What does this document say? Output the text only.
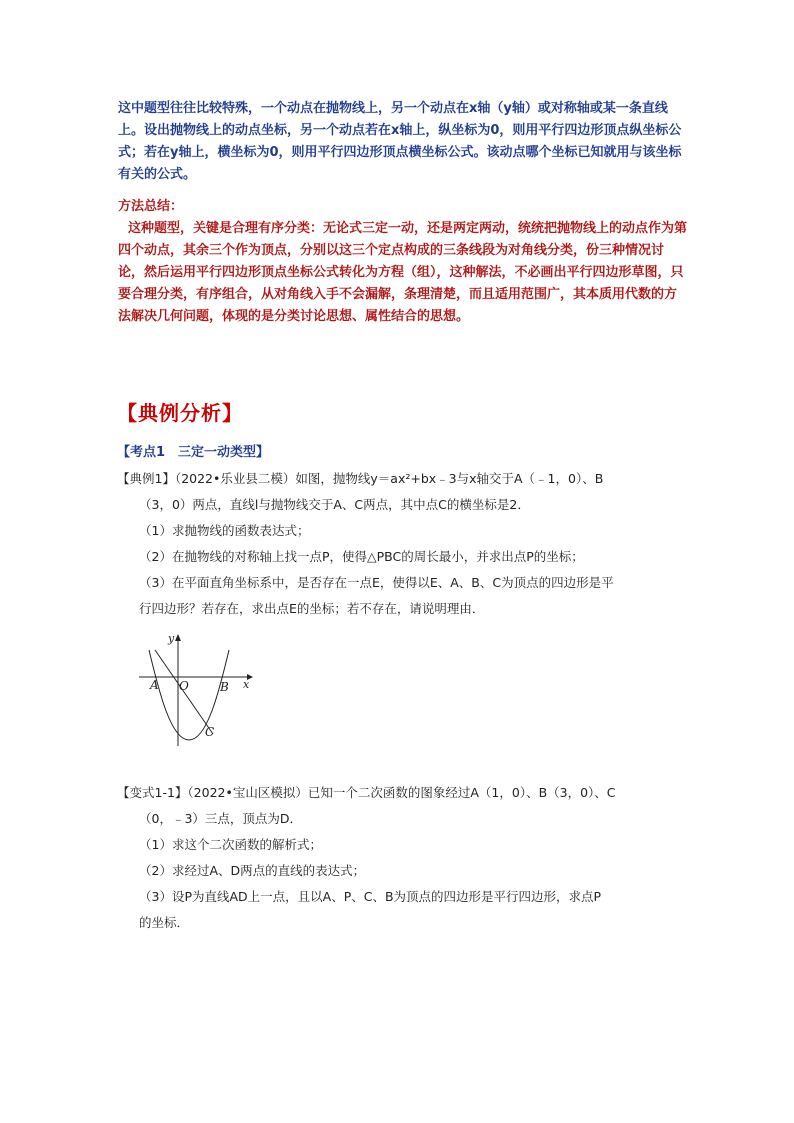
这中题型往往比较特殊，一个动点在抛物线上，另一个动点在x轴（y轴）或对称轴或某一条直线上。设出抛物线上的动点坐标，另一个动点若在x轴上，纵坐标为0，则用平行四边形顶点纵坐标公式；若在y轴上，横坐标为0，则用平行四边形顶点横坐标公式。该动点哪个坐标已知就用与该坐标有关的公式。
方法总结：
这种题型，关键是合理有序分类：无论式三定一动，还是两定两动，统统把抛物线上的动点作为第四个动点，其余三个作为顶点，分别以这三个定点构成的三条线段为对角线分类，份三种情况讨论，然后运用平行四边形顶点坐标公式转化为方程（组），这种解法，不必画出平行四边形草图，只要合理分类，有序组合，从对角线入手不会漏解，条理清楚，而且适用范围广，其本质用代数的方法解决几何问题，体现的是分类讨论思想、属性结合的思想。
【典例分析】
【考点1　三定一动类型】
【典例1】（2022•乐业县二模）如图，抛物线y＝ax²+bx﹣3与x轴交于A（﹣1，0）、B
（3，0）两点，直线l与抛物线交于A、C两点，其中点C的横坐标是2．
（1）求抛物线的函数表达式；
（2）在抛物线的对称轴上找一点P，使得△PBC的周长最小，并求出点P的坐标；
（3）在平面直角坐标系中，是否存在一点E，使得以E、A、B、C为顶点的四边形是平
行四边形？若存在，求出点E的坐标；若不存在，请说明理由．
y
x
A O	B
C
【变式1-1】（2022•宝山区模拟）已知一个二次函数的图象经过A（1，0）、B（3，0）、C
（0，﹣3）三点，顶点为D．
（1）求这个二次函数的解析式；
（2）求经过A、D两点的直线的表达式；
（3）设P为直线AD上一点，且以A、P、C、B为顶点的四边形是平行四边形，求点P
的坐标．
